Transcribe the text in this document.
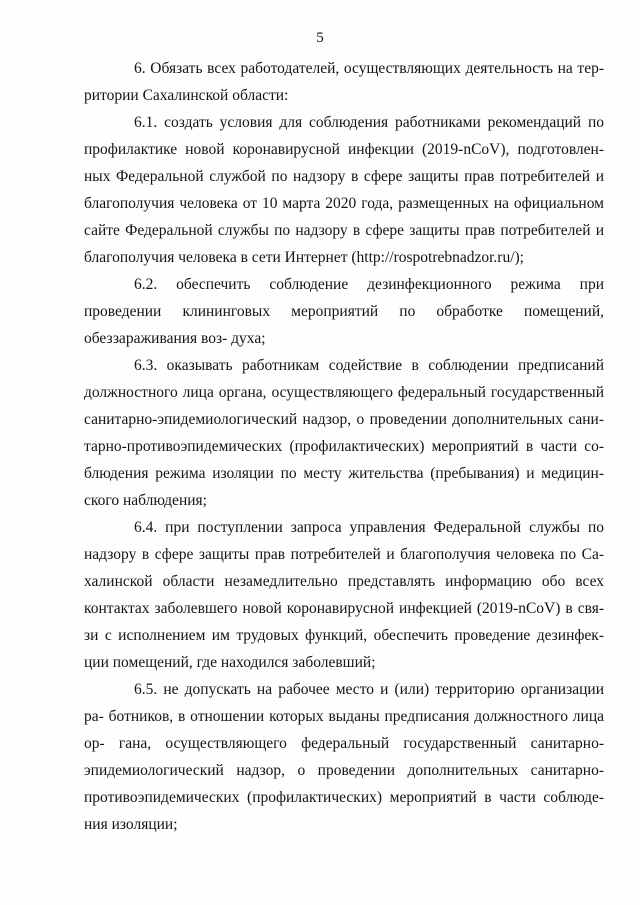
5

6. Обязать всех работодателей, осуществляющих деятельность на тер- ритории Сахалинской области:

6.1. создать условия для соблюдения работниками рекомендаций по профилактике новой коронавирусной инфекции (2019-nCoV), подготовлен- ных Федеральной службой по надзору в сфере защиты прав потребителей и благополучия человека от 10 марта 2020 года, размещенных на официальном сайте Федеральной службы по надзору в сфере защиты прав потребителей и благополучия человека в сети Интернет (http://rospotrebnadzor.ru/);

6.2. обеспечить соблюдение дезинфекционного режима при проведении клининговых мероприятий по обработке помещений, обеззараживания воз- духа;

6.3. оказывать работникам содействие в соблюдении предписаний должностного лица органа, осуществляющего федеральный государственный санитарно-эпидемиологический надзор, о проведении дополнительных сани- тарно-противоэпидемических (профилактических) мероприятий в части со- блюдения режима изоляции по месту жительства (пребывания) и медицин- ского наблюдения;

6.4. при поступлении запроса управления Федеральной службы по надзору в сфере защиты прав потребителей и благополучия человека по Са- халинской области незамедлительно представлять информацию обо всех контактах заболевшего новой коронавирусной инфекцией (2019-nCoV) в свя- зи с исполнением им трудовых функций, обеспечить проведение дезинфек- ции помещений, где находился заболевший;

6.5. не допускать на рабочее место и (или) территорию организации ра- ботников, в отношении которых выданы предписания должностного лица ор- гана, осуществляющего федеральный государственный санитарно- эпидемиологический надзор, о проведении дополнительных санитарно- противоэпидемических (профилактических) мероприятий в части соблюде- ния изоляции;
